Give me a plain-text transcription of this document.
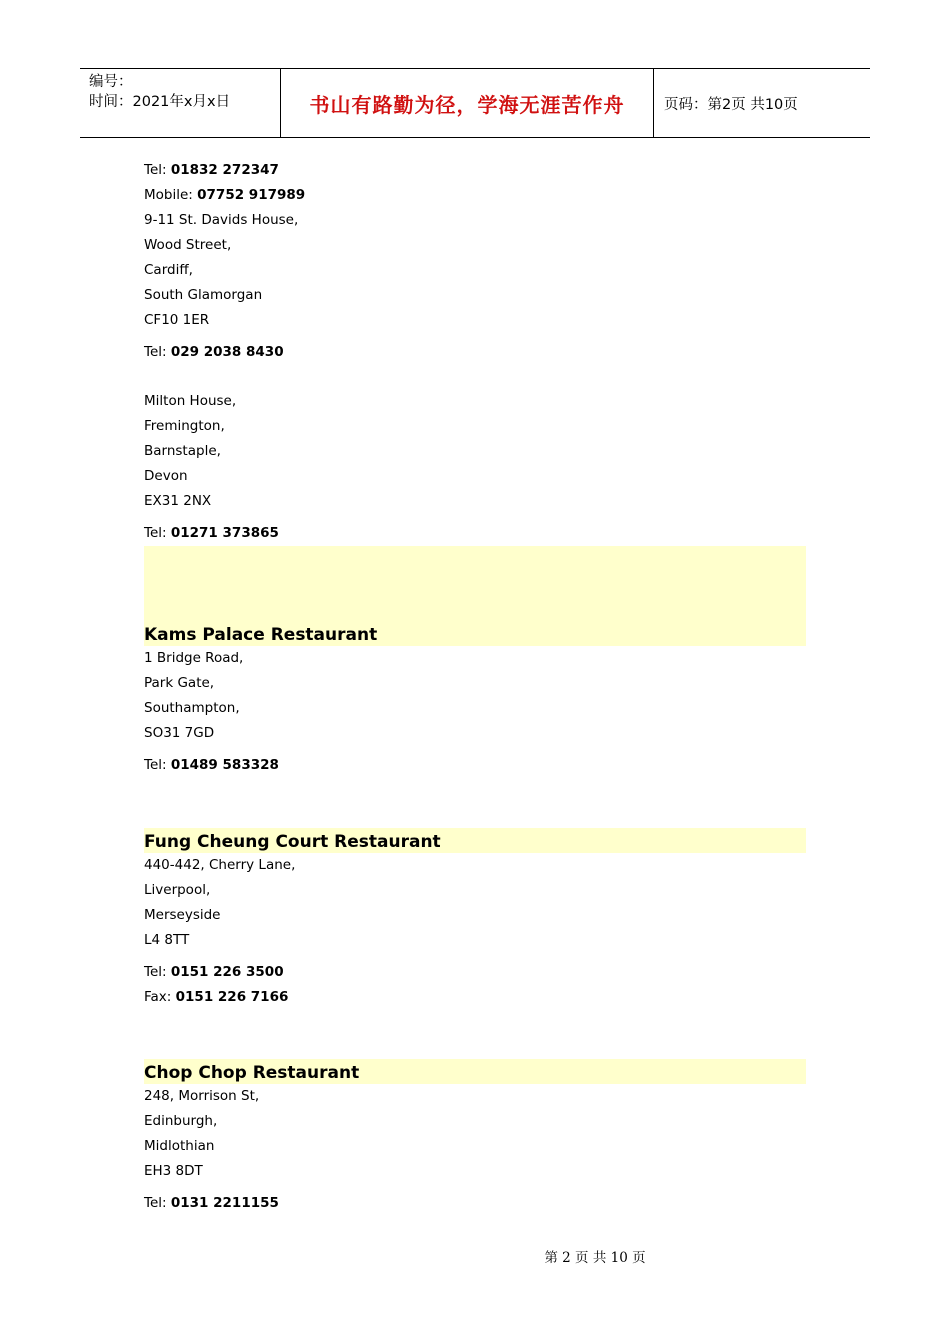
编号：
时间：2021年x月x日	书山有路勤为径，学海无涯苦作舟	页码：第2页 共10页
Tel: 01832 272347
Mobile: 07752 917989
9-11 St. Davids House,
Wood Street,
Cardiff,
South Glamorgan
CF10 1ER
Tel: 029 2038 8430
Milton House,
Fremington,
Barnstaple,
Devon
EX31 2NX
Tel: 01271 373865
Kams Palace Restaurant
1 Bridge Road,
Park Gate,
Southampton,
SO31 7GD
Tel: 01489 583328
Fung Cheung Court Restaurant
440-442, Cherry Lane,
Liverpool,
Merseyside
L4 8TT
Tel: 0151 226 3500
Fax: 0151 226 7166
Chop Chop Restaurant
248, Morrison St,
Edinburgh,
Midlothian
EH3 8DT
Tel: 0131 2211155
第 2 页 共 10 页
